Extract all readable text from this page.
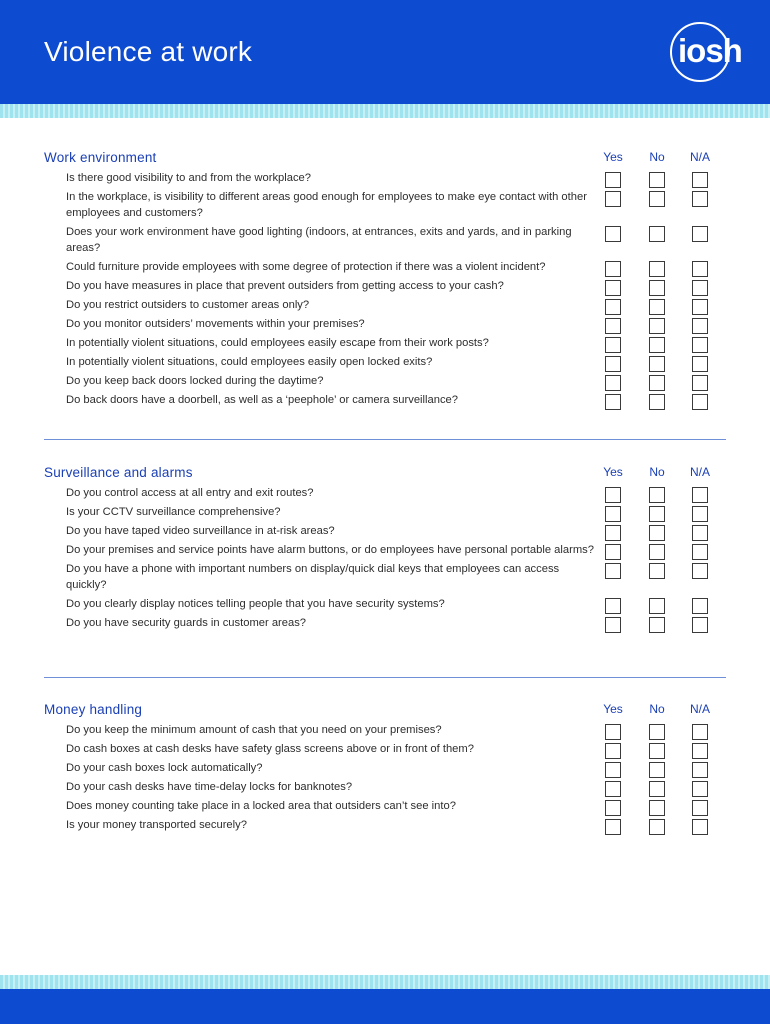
Violence at work	iosh
Work environment	Yes	No	N/A
Is there good visibility to and from the workplace?
In the workplace, is visibility to different areas good enough for employees to make eye contact with other employees and customers?
Does your work environment have good lighting (indoors, at entrances, exits and yards, and in parking areas?
Could furniture provide employees with some degree of protection if there was a violent incident?
Do you have measures in place that prevent outsiders from getting access to your cash?
Do you restrict outsiders to customer areas only?
Do you monitor outsiders’ movements within your premises?
In potentially violent situations, could employees easily escape from their work posts?
In potentially violent situations, could employees easily open locked exits?
Do you keep back doors locked during the daytime?
Do back doors have a doorbell, as well as a ‘peephole’ or camera surveillance?
Surveillance and alarms	Yes	No	N/A
Do you control access at all entry and exit routes?
Is your CCTV surveillance comprehensive?
Do you have taped video surveillance in at-risk areas?
Do your premises and service points have alarm buttons, or do employees have personal portable alarms?
Do you have a phone with important numbers on display/quick dial keys that employees can access quickly?
Do you clearly display notices telling people that you have security systems?
Do you have security guards in customer areas?
Money handling	Yes	No	N/A
Do you keep the minimum amount of cash that you need on your premises?
Do cash boxes at cash desks have safety glass screens above or in front of them?
Do your cash boxes lock automatically?
Do your cash desks have time-delay locks for banknotes?
Does money counting take place in a locked area that outsiders can’t see into?
Is your money transported securely?
